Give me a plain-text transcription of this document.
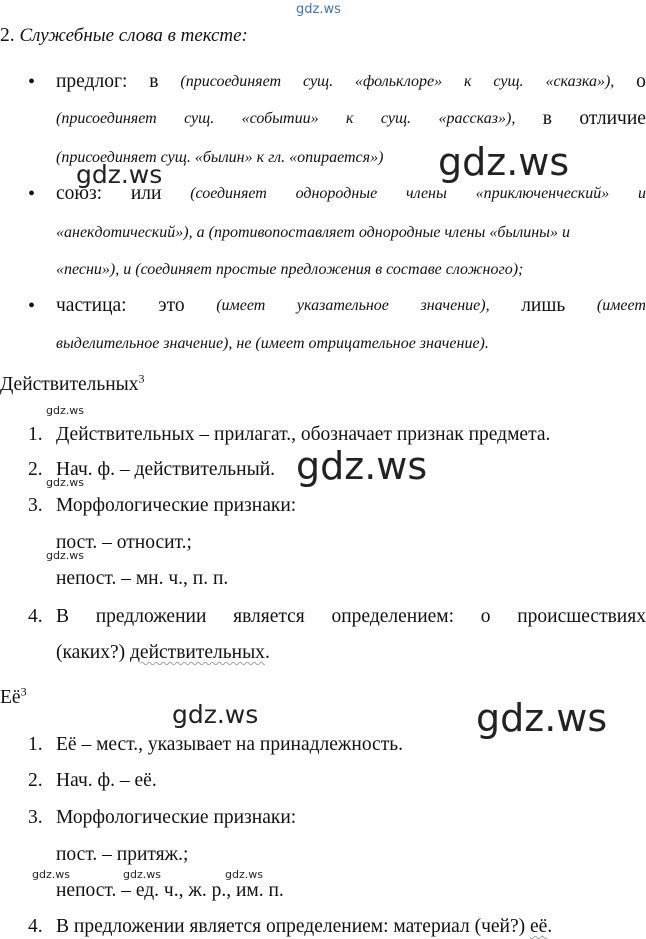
gdz.ws
gdz.ws
gdz.ws
gdz.ws
gdz.ws
gdz.ws
gdz.ws
gdz.ws	gdz.ws
gdz.ws	gdz.ws	gdz.ws
2. Служебные слова в тексте:
• предлог: в (присоединяет сущ. «фольклоре» к сущ. «сказка»), о
(присоединяет сущ. «событии» к сущ. «рассказ»), в отличие
(присоединяет сущ. «былин» к гл. «опирается»)
• союз: или (соединяет однородные члены «приключенческий» и
«анекдотический»), а (противопоставляет однородные члены «былины» и
«песни»), и (соединяет простые предложения в составе сложного);
• частица: это (имеет указательное значение), лишь (имеет
выделительное значение), не (имеет отрицательное значение).
Действительных$^3$
1. Действительных – прилагат., обозначает признак предмета.
2. Нач. ф. – действительный.
3. Морфологические признаки:
пост. – относит.;
непост. – мн. ч., п. п.
4. В предложении является определением: о происшествиях
(каких?) действительных.
$Её^3$
1. Её – мест., указывает на принадлежность.
2. Нач. ф. – её.
3. Морфологические признаки:
пост. – притяж.;
непост. – ед. ч., ж. р., им. п.
4. В предложении является определением: материал (чей?) её.
